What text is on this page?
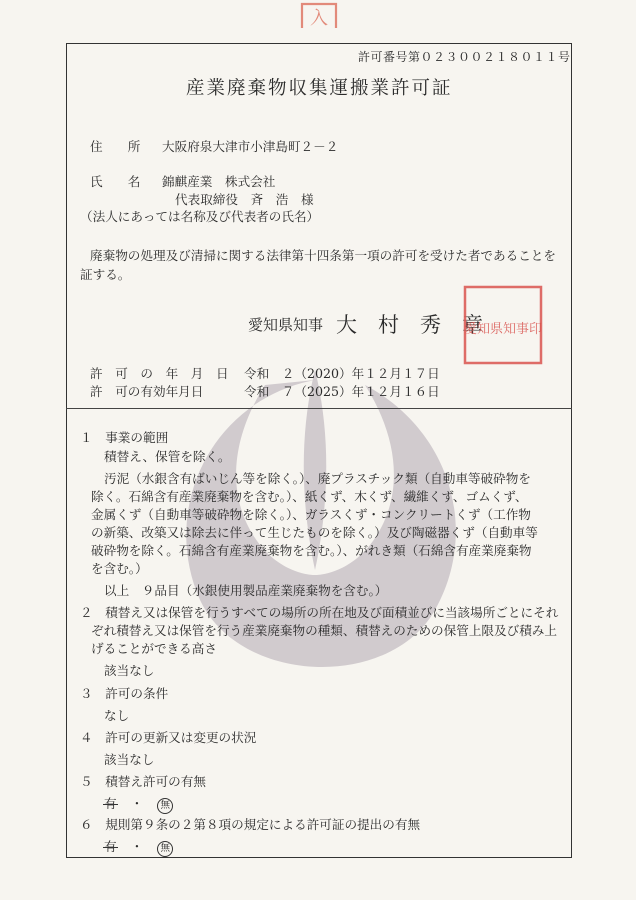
入
許可番号第０２３００２１８０１１号
産業廃棄物収集運搬業許可証
住　　所 大阪府泉大津市小津島町２－２
氏　　名 錦麒産業　株式会社
代表取締役　斉　浩　様
（法人にあっては名称及び代表者の氏名）
廃棄物の処理及び清掃に関する法律第十四条第一項の許可を受けた者であることを
証する。
愛知県知事 大　村　秀　章
愛知県知事印
許　可　の　年　月　日 令和　２（2020）年１２月１７日
許　可の有効年月日	令和　７（2025）年１２月１６日
１　事業の範囲
積替え、保管を除く。
汚泥（水銀含有ばいじん等を除く。）、廃プラスチック類（自動車等破砕物を
除く。石綿含有産業廃棄物を含む。）、紙くず、木くず、繊維くず、ゴムくず、
金属くず（自動車等破砕物を除く。）、ガラスくず・コンクリートくず（工作物
の新築、改築又は除去に伴って生じたものを除く。）及び陶磁器くず（自動車等
破砕物を除く。石綿含有産業廃棄物を含む。）、がれき類（石綿含有産業廃棄物
を含む。）
以上　９品目（水銀使用製品産業廃棄物を含む。）
２　積替え又は保管を行うすべての場所の所在地及び面積並びに当該場所ごとにそれ
ぞれ積替え又は保管を行う産業廃棄物の種類、積替えのための保管上限及び積み上
げることができる高さ
該当なし
３　許可の条件
なし
４　許可の更新又は変更の状況
該当なし
５　積替え許可の有無
有 ・ 無
６　規則第９条の２第８項の規定による許可証の提出の有無
有 ・ 無
